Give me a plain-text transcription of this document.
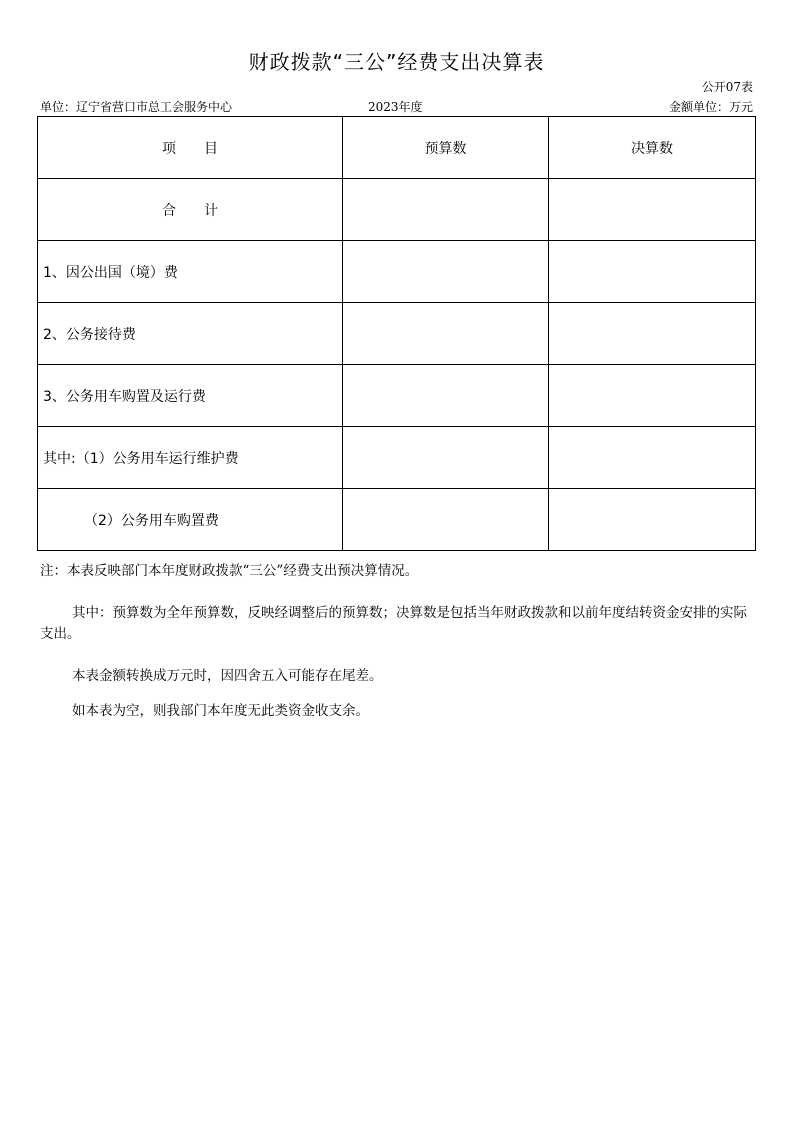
财政拨款“三公”经费支出决算表
公开07表
单位：辽宁省营口市总工会服务中心	2023年度	金额单位：万元
项　　目	预算数	决算数
合　　计		
1、因公出国（境）费		
2、公务接待费		
3、公务用车购置及运行费		
其中:（1）公务用车运行维护费		
（2）公务用车购置费		
注：本表反映部门本年度财政拨款“三公”经费支出预决算情况。
其中：预算数为全年预算数，反映经调整后的预算数；决算数是包括当年财政拨款和以前年度结转资金安排的实际支出。
本表金额转换成万元时，因四舍五入可能存在尾差。
如本表为空，则我部门本年度无此类资金收支余。
